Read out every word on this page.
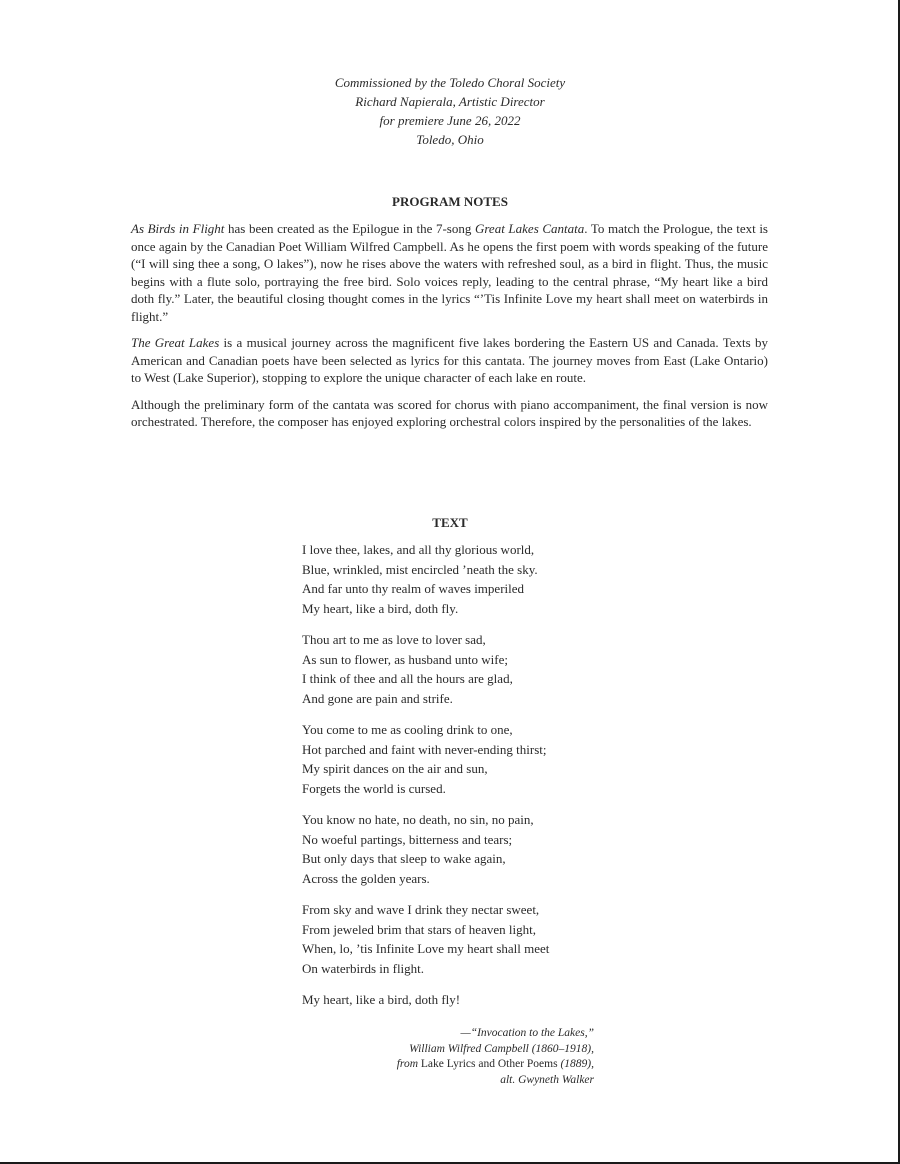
Commissioned by the Toledo Choral Society
Richard Napierala, Artistic Director
for premiere June 26, 2022
Toledo, Ohio
PROGRAM NOTES

As Birds in Flight has been created as the Epilogue in the 7-song Great Lakes Cantata. To match the Prologue, the text is once again by the Canadian Poet William Wilfred Campbell. As he opens the first poem with words speaking of the future (“I will sing thee a song, O lakes”), now he rises above the waters with refreshed soul, as a bird in flight. Thus, the music begins with a flute solo, portraying the free bird. Solo voices reply, leading to the central phrase, “My heart like a bird doth fly.” Later, the beautiful closing thought comes in the lyrics “’Tis Infinite Love my heart shall meet on waterbirds in flight.”

The Great Lakes is a musical journey across the magnificent five lakes bordering the Eastern US and Canada. Texts by American and Canadian poets have been selected as lyrics for this cantata. The journey moves from East (Lake Ontario) to West (Lake Superior), stopping to explore the unique character of each lake en route.

Although the preliminary form of the cantata was scored for chorus with piano accompaniment, the final version is now orchestrated. Therefore, the composer has enjoyed exploring orchestral colors inspired by the personalities of the lakes.

TEXT
I love thee, lakes, and all thy glorious world,
Blue, wrinkled, mist encircled ’neath the sky.
And far unto thy realm of waves imperiled
My heart, like a bird, doth fly.
Thou art to me as love to lover sad,
As sun to flower, as husband unto wife;
I think of thee and all the hours are glad,
And gone are pain and strife.
You come to me as cooling drink to one,
Hot parched and faint with never-ending thirst;
My spirit dances on the air and sun,
Forgets the world is cursed.
You know no hate, no death, no sin, no pain,
No woeful partings, bitterness and tears;
But only days that sleep to wake again,
Across the golden years.
From sky and wave I drink they nectar sweet,
From jeweled brim that stars of heaven light,
When, lo, ’tis Infinite Love my heart shall meet
On waterbirds in flight.
My heart, like a bird, doth fly!
—“Invocation to the Lakes,”
William Wilfred Campbell (1860–1918),
from Lake Lyrics and Other Poems (1889),
alt. Gwyneth Walker
